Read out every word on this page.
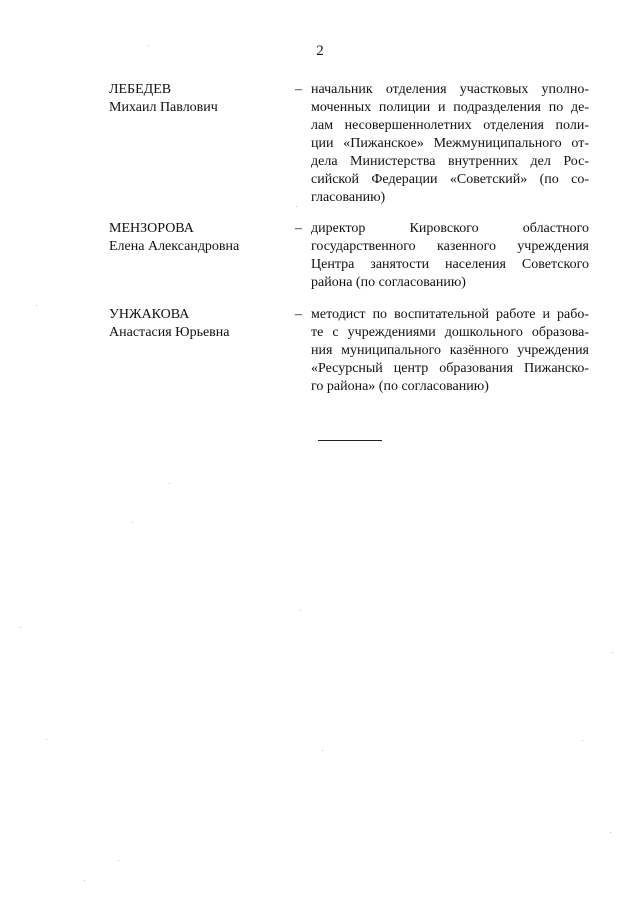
2
ЛЕБЕДЕВ
Михаил Павлович
– начальник отделения участковых уполно-
моченных полиции и подразделения по де-
лам несовершеннолетних отделения поли-
ции «Пижанское» Межмуниципального от-
дела Министерства внутренних дел Рос-
сийской Федерации «Советский» (по со-
гласованию)
МЕНЗОРОВА
Елена Александровна
– директор Кировского областного
государственного казенного учреждения
Центра занятости населения Советского
района (по согласованию)
УНЖАКОВА
Анастасия Юрьевна
– методист по воспитательной работе и рабо-
те с учреждениями дошкольного образова-
ния муниципального казённого учреждения
«Ресурсный центр образования Пижанско-
го района» (по согласованию)
